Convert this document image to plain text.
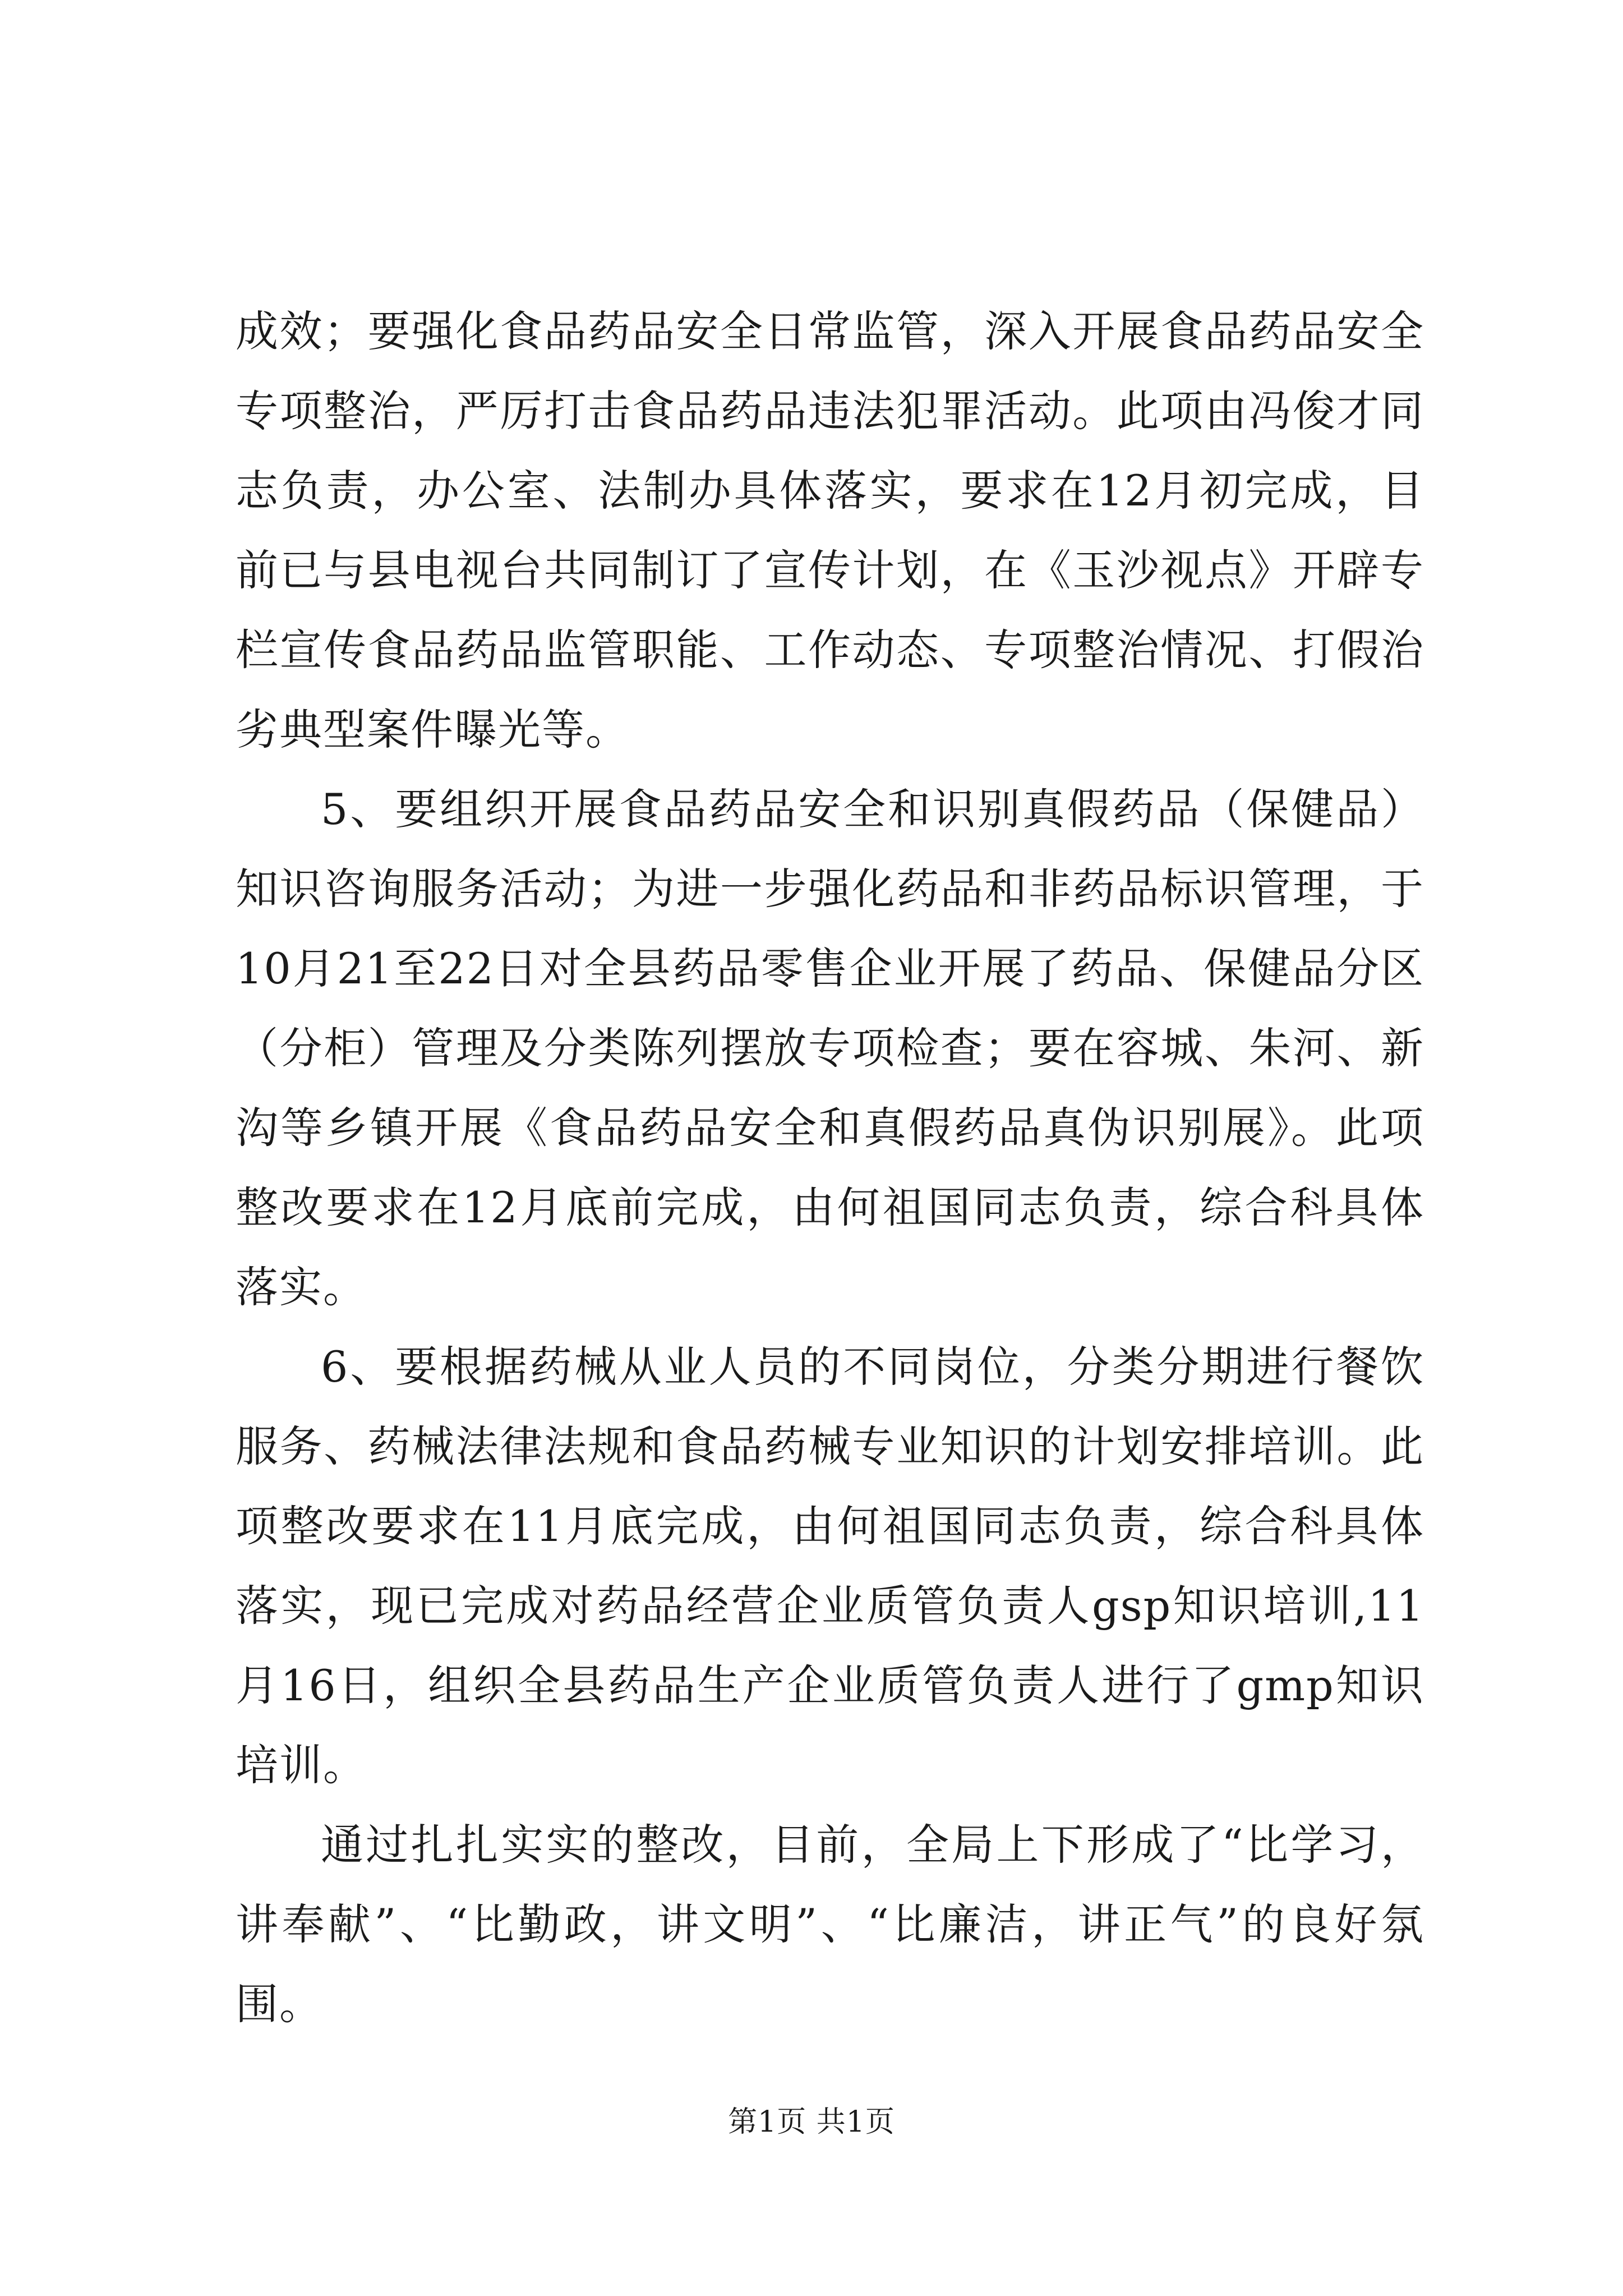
成效；要强化食品药品安全日常监管，深入开展食品药品安全专项整治，严厉打击食品药品违法犯罪活动。此项由冯俊才同志负责，办公室、法制办具体落实，要求在12月初完成，目前已与县电视台共同制订了宣传计划，在《玉沙视点》开辟专栏宣传食品药品监管职能、工作动态、专项整治情况、打假治劣典型案件曝光等。

5、要组织开展食品药品安全和识别真假药品（保健品）知识咨询服务活动；为进一步强化药品和非药品标识管理，于10月21至22日对全县药品零售企业开展了药品、保健品分区（分柜）管理及分类陈列摆放专项检查；要在容城、朱河、新沟等乡镇开展《食品药品安全和真假药品真伪识别展》。此项整改要求在12月底前完成，由何祖国同志负责，综合科具体落实。

6、要根据药械从业人员的不同岗位，分类分期进行餐饮服务、药械法律法规和食品药械专业知识的计划安排培训。此项整改要求在11月底完成，由何祖国同志负责，综合科具体落实，现已完成对药品经营企业质管负责人gsp知识培训,11月16日，组织全县药品生产企业质管负责人进行了gmp知识培训。

通过扎扎实实的整改，目前，全局上下形成了“比学习，讲奉献”、“比勤政，讲文明”、“比廉洁，讲正气”的良好氛围。

第1页 共1页
